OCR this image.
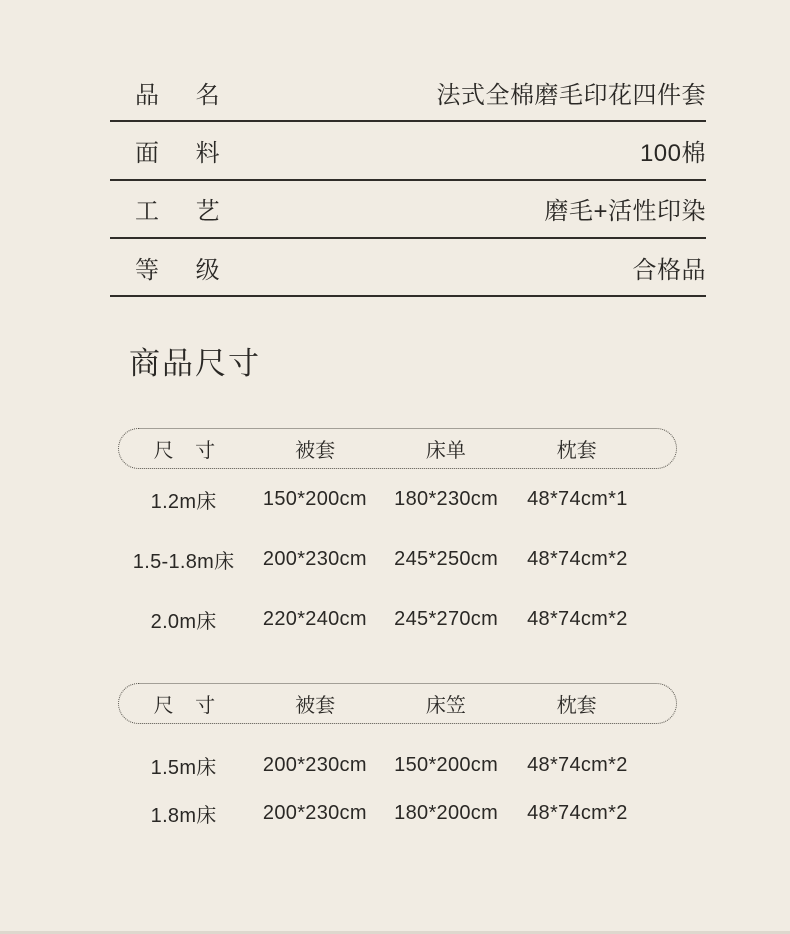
品 名	法式全棉磨毛印花四件套
面 料	100棉
工 艺	磨毛+活性印染
等 级	合格品
商品尺寸
尺 寸	被套	床单	枕套
1.2m床	150*200cm	180*230cm	48*74cm*1
1.5-1.8m床	200*230cm	245*250cm	48*74cm*2
2.0m床	220*240cm	245*270cm	48*74cm*2
尺 寸	被套	床笠	枕套
1.5m床	200*230cm	150*200cm	48*74cm*2
1.8m床	200*230cm	180*200cm	48*74cm*2
